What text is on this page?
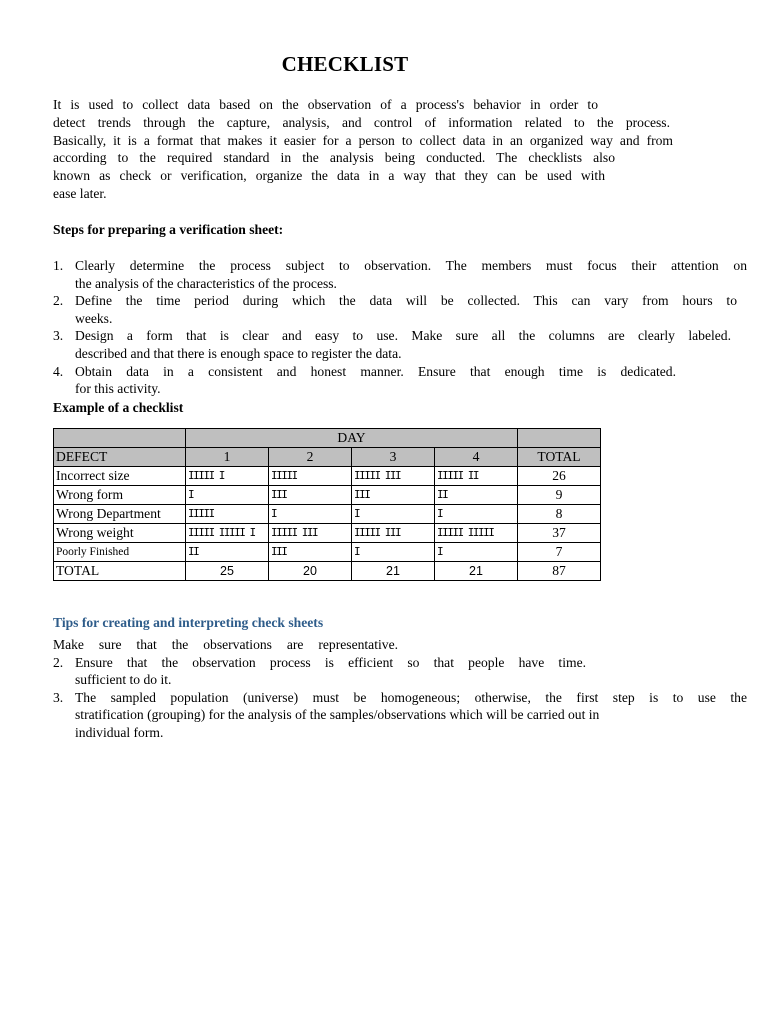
CHECKLIST
It is used to collect data based on the observation of a process's behavior in order to
detect trends through the capture, analysis, and control of information related to the process.
Basically, it is a format that makes it easier for a person to collect data in an organized way and from
according to the required standard in the analysis being conducted. The checklists also
known as check or verification, organize the data in a way that they can be used with
ease later.
Steps for preparing a verification sheet:
1. Clearly determine the process subject to observation. The members must focus their attention on
the analysis of the characteristics of the process.
2. Define the time period during which the data will be collected. This can vary from hours to
weeks.
3. Design a form that is clear and easy to use. Make sure all the columns are clearly labeled.
described and that there is enough space to register the data.
4. Obtain data in a consistent and honest manner. Ensure that enough time is dedicated.
for this activity.
Example of a checklist
	DAY				
DEFECT	1	2	3	4	TOTAL
Incorrect size	IIIII I	IIIII	IIIII III	IIIII II	26
Wrong form	I	III	III	II	9
Wrong Department	IIIII	I	I	I	8
Wrong weight	IIIII IIIII I	IIIII III	IIIII III	IIIII IIIII	37
Poorly Finished	II	III	I	I	7
TOTAL	25	20	21	21	87
Tips for creating and interpreting check sheets
Make sure that the observations are representative.
2. Ensure that the observation process is efficient so that people have time.
sufficient to do it.
3. The sampled population (universe) must be homogeneous; otherwise, the first step is to use the
stratification (grouping) for the analysis of the samples/observations which will be carried out in
individual form.
